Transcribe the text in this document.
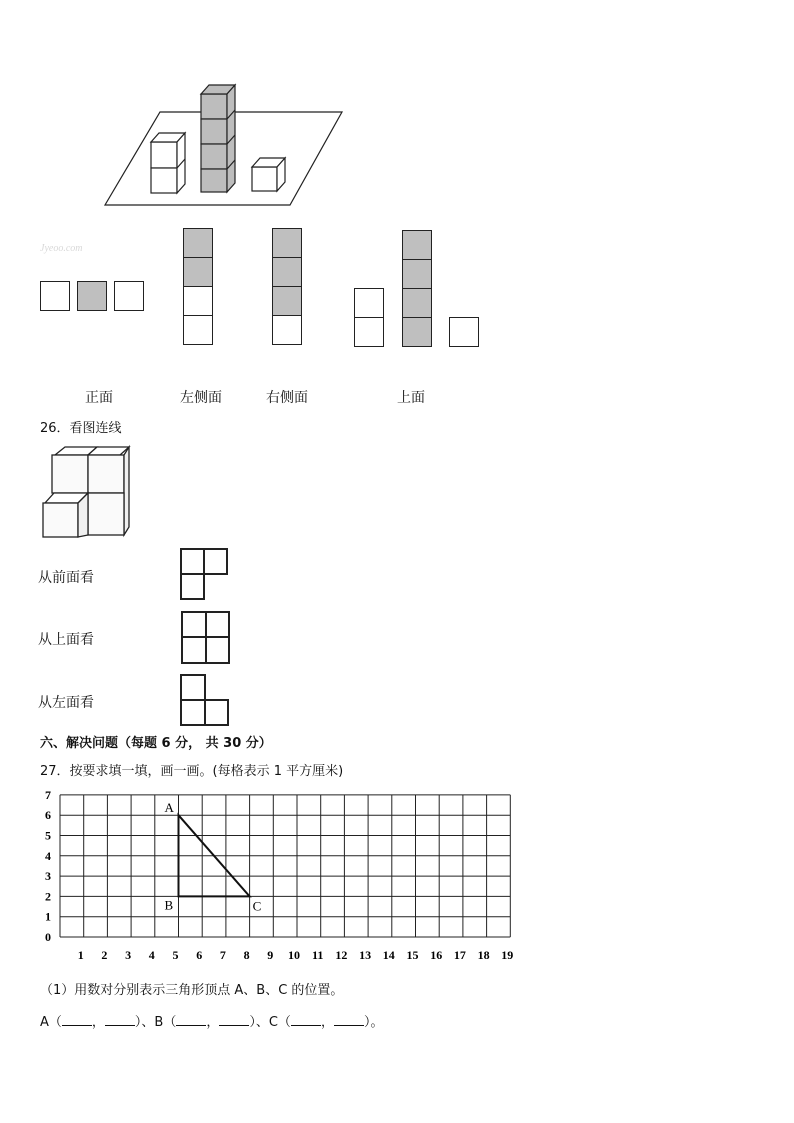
Jyeoo.com
正面	左侧面	右侧面	上面
26．看图连线
从前面看
从上面看
从左面看
六、解决问题（每题 6 分， 共 30 分）
27．按要求填一填，画一画。(每格表示 1 平方厘米)
1 2 3 4 5 6 7 8 9 10 11 12 13 14 15 16 17 18 19
0
1
2
3
4
5
6
7
A
B	C
（1）用数对分别表示三角形顶点 A、B、C 的位置。
A（ ， ）、B（ ， ）、C（ ， ）。
